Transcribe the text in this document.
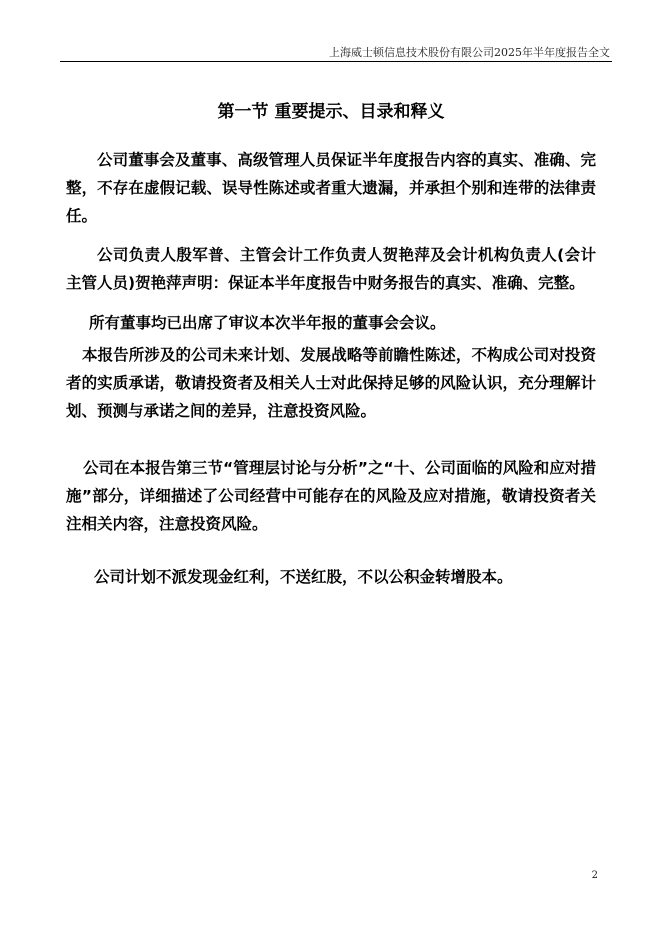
上海威士顿信息技术股份有限公司2025年半年度报告全文
第一节 重要提示、目录和释义

公司董事会及董事、高级管理人员保证半年度报告内容的真实、准确、完整，不存在虚假记载、误导性陈述或者重大遗漏，并承担个别和连带的法律责任。

公司负责人殷军普、主管会计工作负责人贺艳萍及会计机构负责人(会计主管人员)贺艳萍声明：保证本半年度报告中财务报告的真实、准确、完整。

所有董事均已出席了审议本次半年报的董事会会议。

本报告所涉及的公司未来计划、发展战略等前瞻性陈述，不构成公司对投资者的实质承诺，敬请投资者及相关人士对此保持足够的风险认识，充分理解计划、预测与承诺之间的差异，注意投资风险。

公司在本报告第三节“管理层讨论与分析”之“十、公司面临的风险和应对措施”部分，详细描述了公司经营中可能存在的风险及应对措施，敬请投资者关注相关内容，注意投资风险。

公司计划不派发现金红利，不送红股，不以公积金转增股本。

2
